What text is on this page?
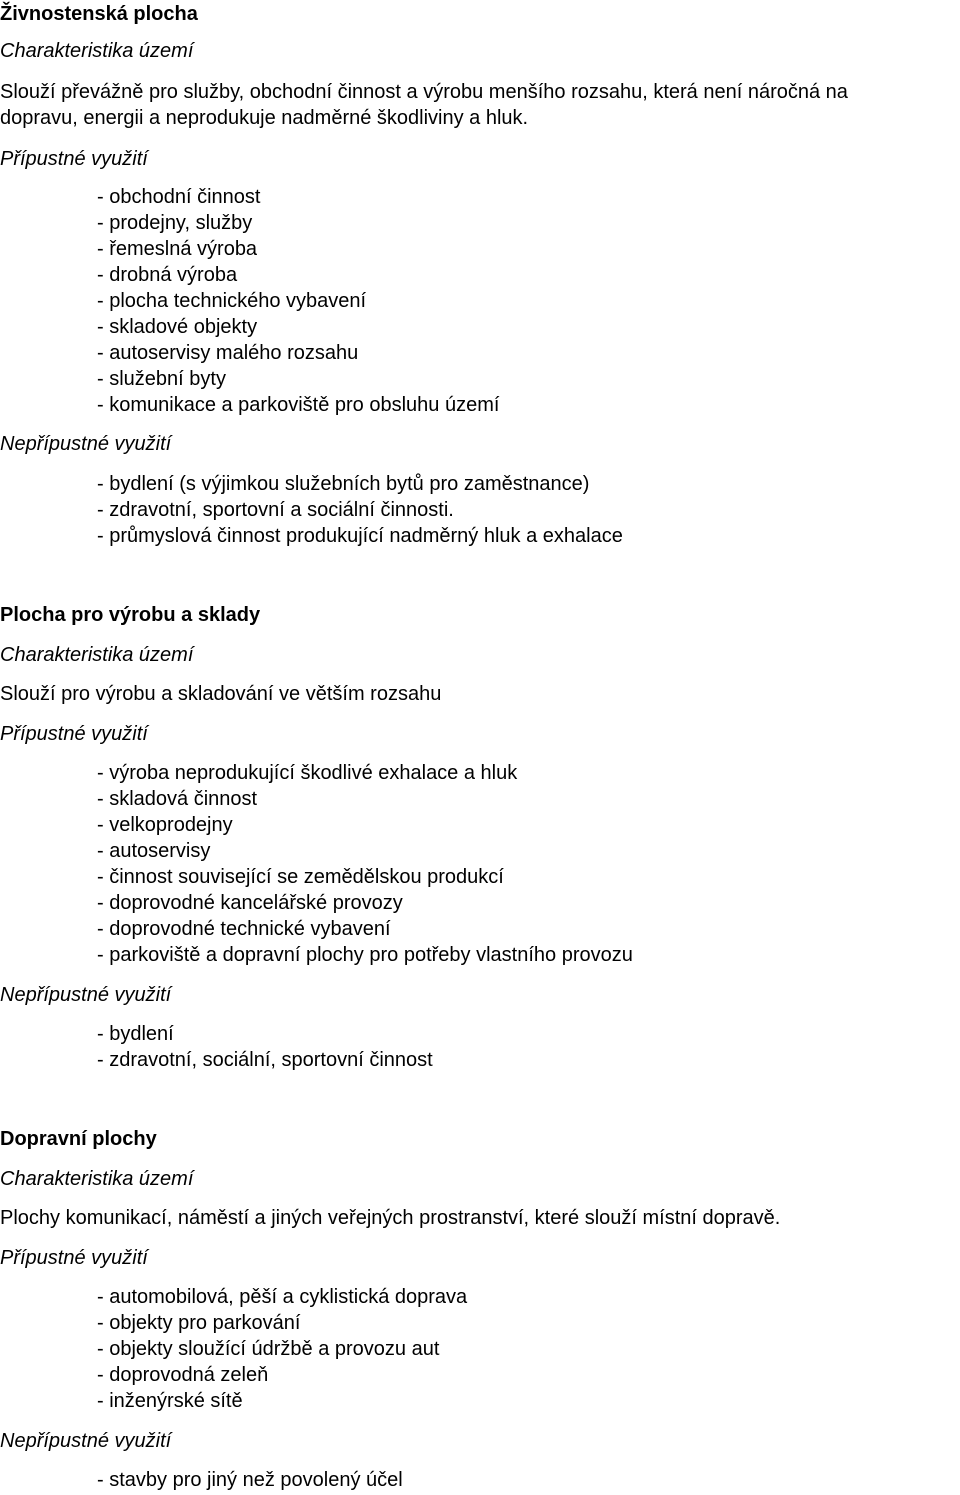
Živnostenská plocha
Charakteristika území
Slouží převážně pro služby, obchodní činnost a výrobu menšího rozsahu, která není náročná na
dopravu, energii a neprodukuje nadměrné škodliviny a hluk.
Přípustné využití
- obchodní činnost
- prodejny, služby
- řemeslná výroba
- drobná výroba
- plocha technického vybavení
- skladové objekty
- autoservisy malého rozsahu
- služební byty
- komunikace a parkoviště pro obsluhu území
Nepřípustné využití
- bydlení (s výjimkou služebních bytů pro zaměstnance)
- zdravotní, sportovní a sociální činnosti.
- průmyslová činnost produkující nadměrný hluk a exhalace
Plocha pro výrobu a sklady
Charakteristika území
Slouží pro výrobu a skladování ve větším rozsahu
Přípustné využití
- výroba neprodukující škodlivé exhalace a hluk
- skladová činnost
- velkoprodejny
- autoservisy
- činnost související se zemědělskou produkcí
- doprovodné kancelářské provozy
- doprovodné technické vybavení
- parkoviště a dopravní plochy pro potřeby vlastního provozu
Nepřípustné využití
- bydlení
- zdravotní, sociální, sportovní činnost
Dopravní plochy
Charakteristika území
Plochy komunikací, náměstí a jiných veřejných prostranství, které slouží místní dopravě.
Přípustné využití
- automobilová, pěší a cyklistická doprava
- objekty pro parkování
- objekty sloužící údržbě a provozu aut
- doprovodná zeleň
- inženýrské sítě
Nepřípustné využití
- stavby pro jiný než povolený účel
